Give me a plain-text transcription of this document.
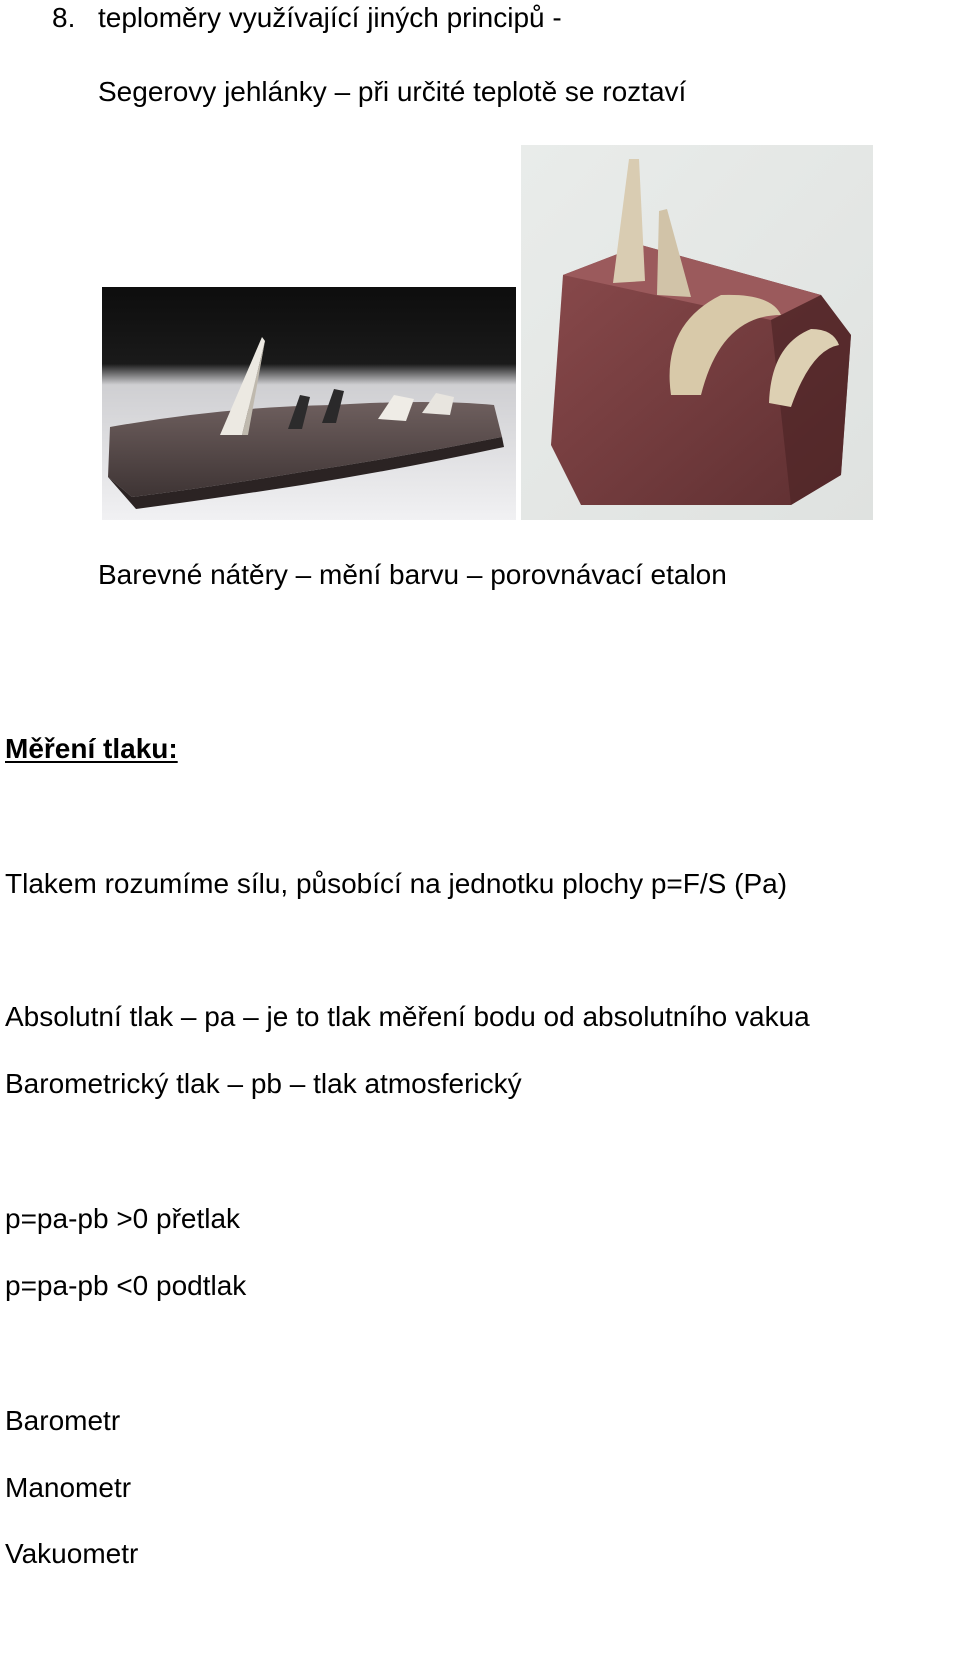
8. teploměry využívající jiných principů -
Segerovy jehlánky – při určité teplotě se roztaví
Barevné nátěry – mění barvu – porovnávací etalon
Měření tlaku:
Tlakem rozumíme sílu, působící na jednotku plochy p=F/S (Pa)
Absolutní tlak – pa – je to tlak měření bodu od absolutního vakua
Barometrický tlak – pb – tlak atmosferický
p=pa-pb >0 přetlak
p=pa-pb <0 podtlak
Barometr
Manometr
Vakuometr
